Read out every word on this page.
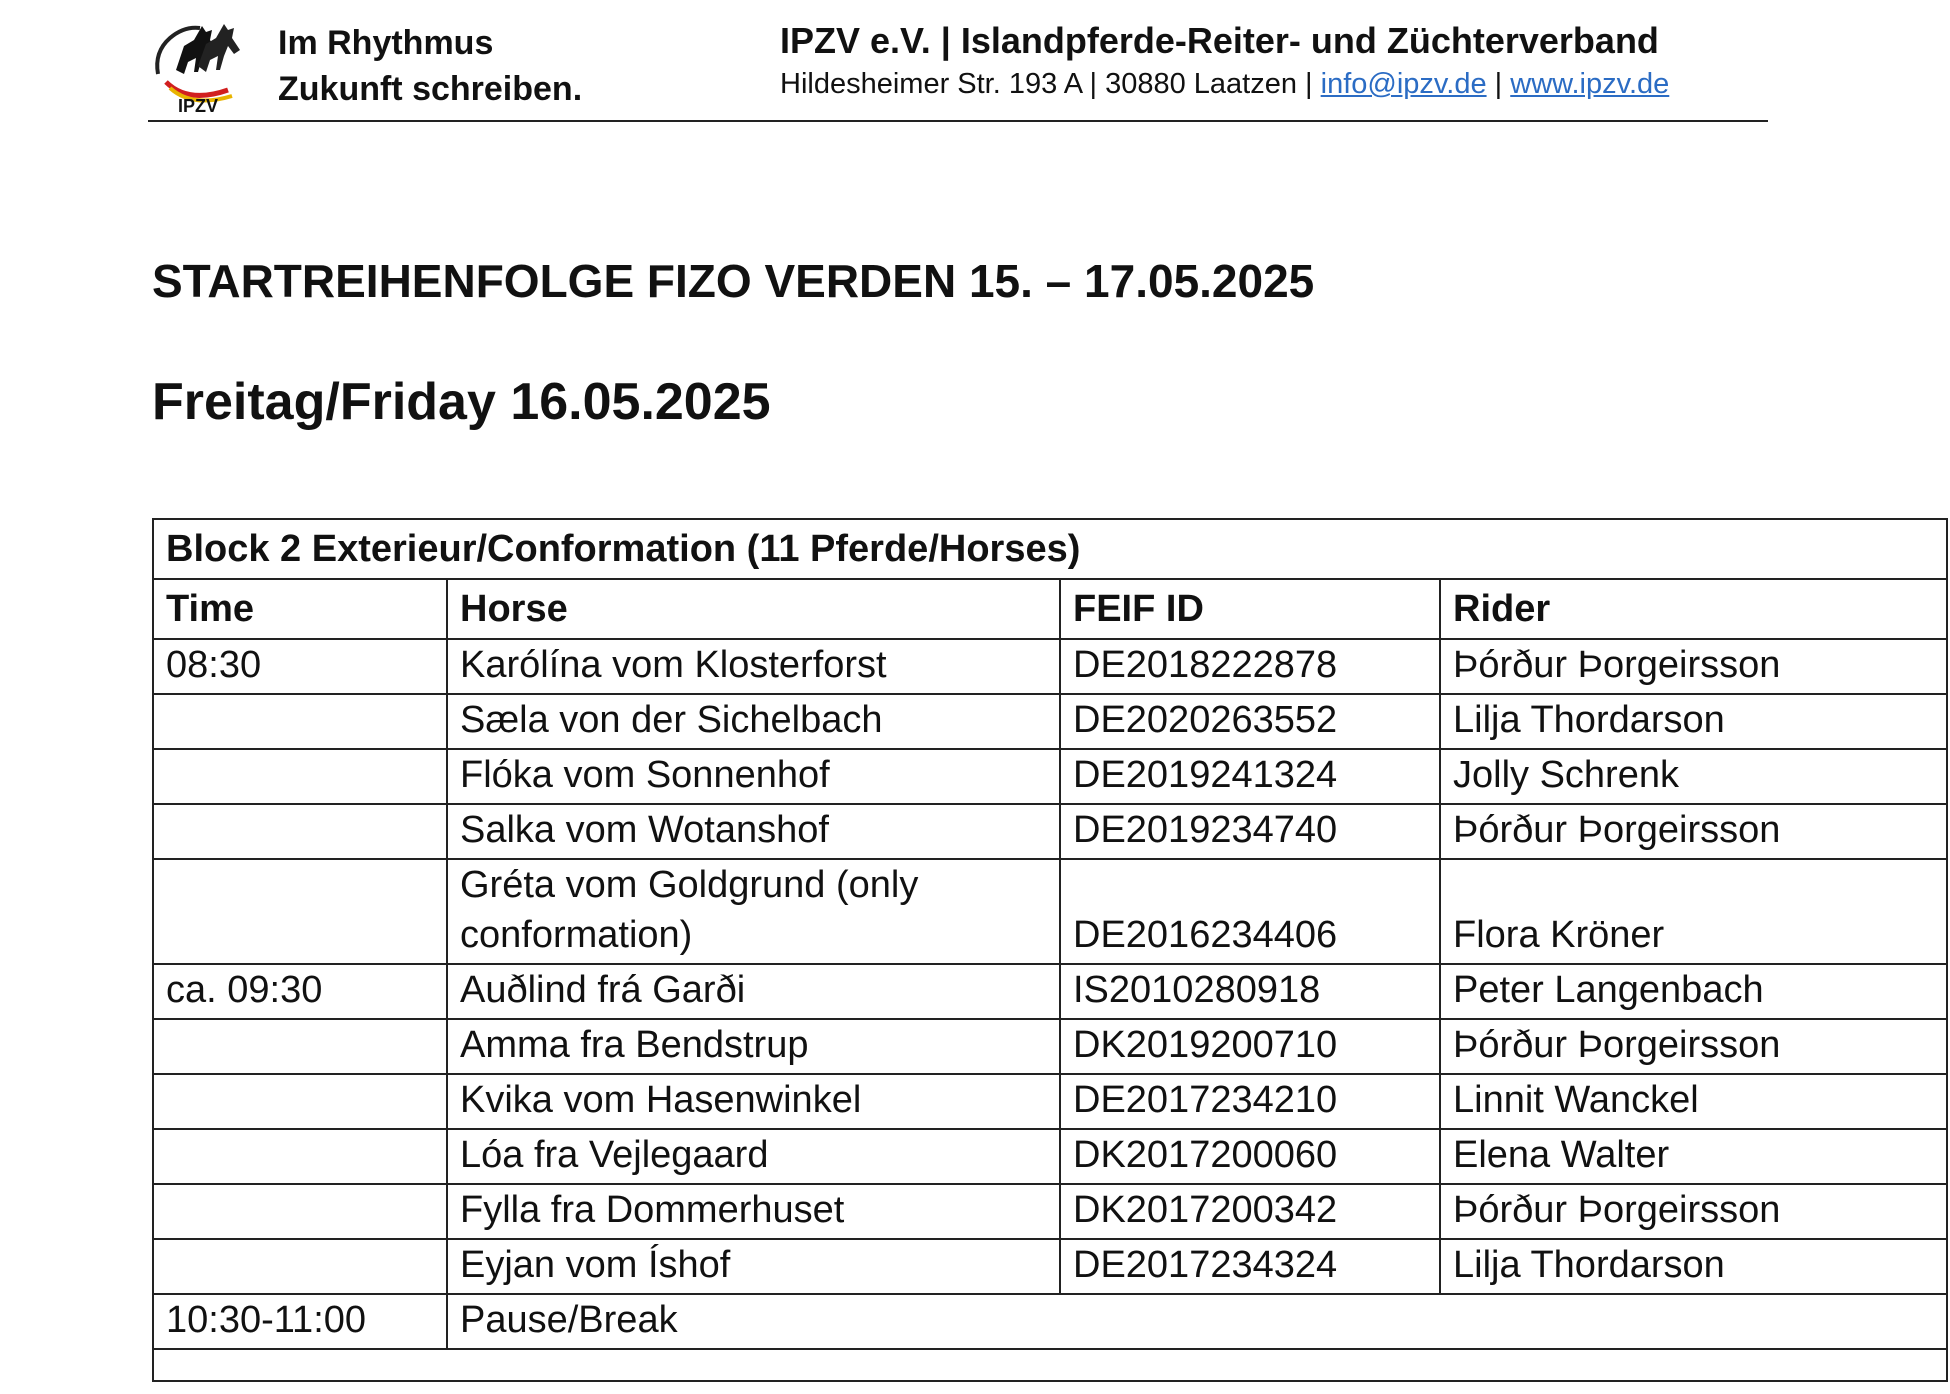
IPZV
Im Rhythmus
Zukunft schreiben.
IPZV e.V. | Islandpferde-Reiter- und Züchterverband
Hildesheimer Str. 193 A | 30880 Laatzen | info@ipzv.de | www.ipzv.de
STARTREIHENFOLGE FIZO VERDEN 15. – 17.05.2025
Freitag/Friday 16.05.2025
Block 2 Exterieur/Conformation (11 Pferde/Horses)			
Time	Horse	FEIF ID	Rider
08:30	Karólína vom Klosterforst	DE2018222878	Þórður Þorgeirsson
	Sæla von der Sichelbach	DE2020263552	Lilja Thordarson
	Flóka vom Sonnenhof	DE2019241324	Jolly Schrenk
	Salka vom Wotanshof	DE2019234740	Þórður Þorgeirsson
	Gréta vom Goldgrund (only conformation)	DE2016234406	Flora Kröner
ca. 09:30	Auðlind frá Garði	IS2010280918	Peter Langenbach
	Amma fra Bendstrup	DK2019200710	Þórður Þorgeirsson
	Kvika vom Hasenwinkel	DE2017234210	Linnit Wanckel
	Lóa fra Vejlegaard	DK2017200060	Elena Walter
	Fylla fra Dommerhuset	DK2017200342	Þórður Þorgeirsson
	Eyjan vom Íshof	DE2017234324	Lilja Thordarson
10:30-11:00	Pause/Break		
